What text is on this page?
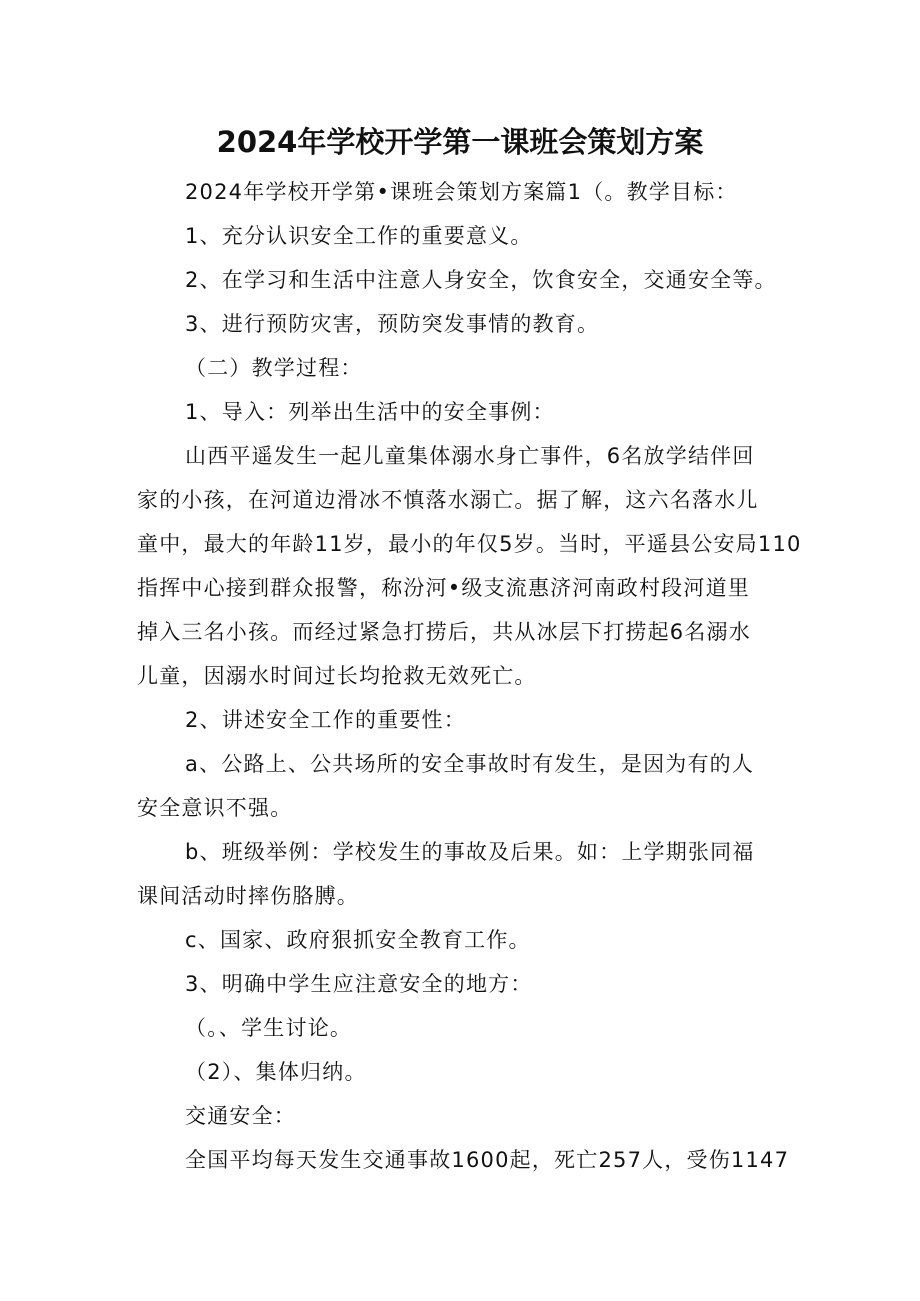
2024年学校开学第一课班会策划方案
2024年学校开学第•课班会策划方案篇1（。教学目标：
1、充分认识安全工作的重要意义。
2、在学习和生活中注意人身安全，饮食安全，交通安全等。
3、进行预防灾害，预防突发事情的教育。
（二）教学过程：
1、导入：列举出生活中的安全事例：
山西平遥发生一起儿童集体溺水身亡事件，6名放学结伴回
家的小孩，在河道边滑冰不慎落水溺亡。据了解，这六名落水儿
童中，最大的年龄11岁，最小的年仅5岁。当时，平遥县公安局110
指挥中心接到群众报警，称汾河•级支流惠济河南政村段河道里
掉入三名小孩。而经过紧急打捞后，共从冰层下打捞起6名溺水
儿童，因溺水时间过长均抢救无效死亡。
2、讲述安全工作的重要性：
a、公路上、公共场所的安全事故时有发生，是因为有的人
安全意识不强。
b、班级举例：学校发生的事故及后果。如：上学期张同福
课间活动时摔伤胳膊。
c、国家、政府狠抓安全教育工作。
3、明确中学生应注意安全的地方：
（。、学生讨论。
（2）、集体归纳。
交通安全：
全国平均每天发生交通事故1600起，死亡257人，受伤1147
